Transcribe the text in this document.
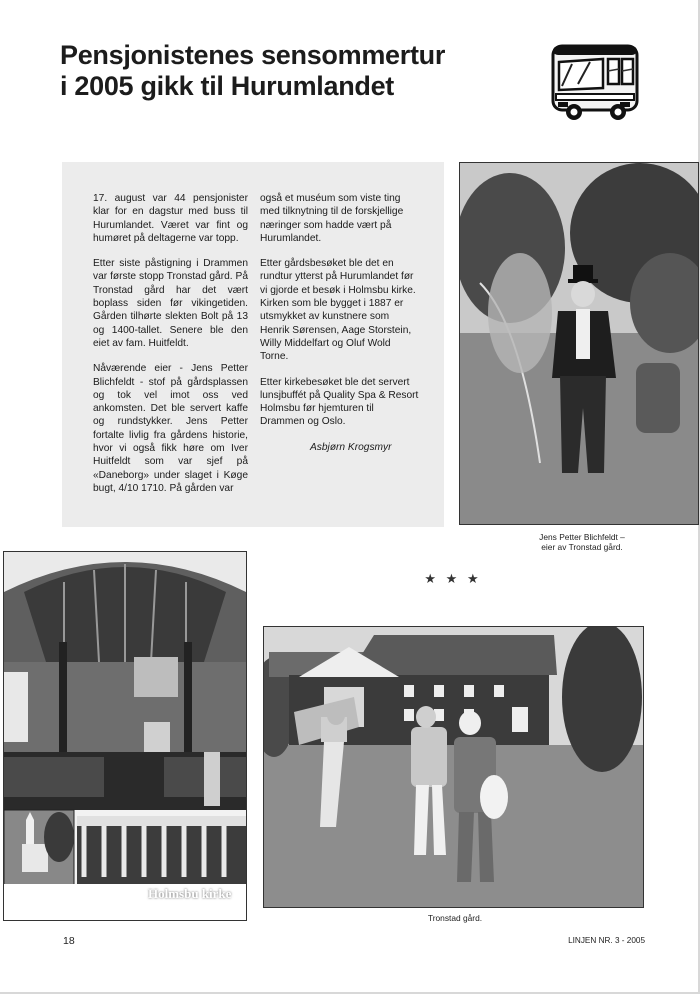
Pensjonistenes sensommertur
i 2005 gikk til Hurumlandet

17. august var 44 pensjonister klar for en dagstur med buss til Hurumlandet. Været var fint og humøret på deltagerne var topp.

Etter siste påstigning i Drammen var første stopp Tronstad gård. På Tronstad gård har det vært boplass siden før vikingetiden. Gården tilhørte slekten Bolt på 13 og 1400-tallet. Senere ble den eiet av fam. Huitfeldt.

Nåværende eier - Jens Petter Blichfeldt - stof på gårdsplassen og tok vel imot oss ved ankomsten. Det ble servert kaffe og rundstykker. Jens Petter fortalte livlig fra gårdens historie, hvor vi også fikk høre om Iver Huitfeldt som var sjef på «Daneborg» under slaget i Køge bugt, 4/10 1710. På gården var

også et muséum som viste ting med tilknytning til de forskjellige næringer som hadde vært på Hurumlandet.

Etter gårdsbesøket ble det en rundtur ytterst på Hurumlandet før vi gjorde et besøk i Holmsbu kirke. Kirken som ble bygget i 1887 er utsmykket av kunstnere som Henrik Sørensen, Aage Storstein, Willy Middelfart og Oluf Wold Torne.

Etter kirkebesøket ble det servert lunsjbuffét på Quality Spa & Resort Holmsbu før hjemturen til Drammen og Oslo.

Asbjørn Krogsmyr
Jens Petter Blichfeldt –
eier av Tronstad gård.
★ ★ ★
Holmsbu kirke
Tronstad gård.
18	LINJEN NR. 3 - 2005
